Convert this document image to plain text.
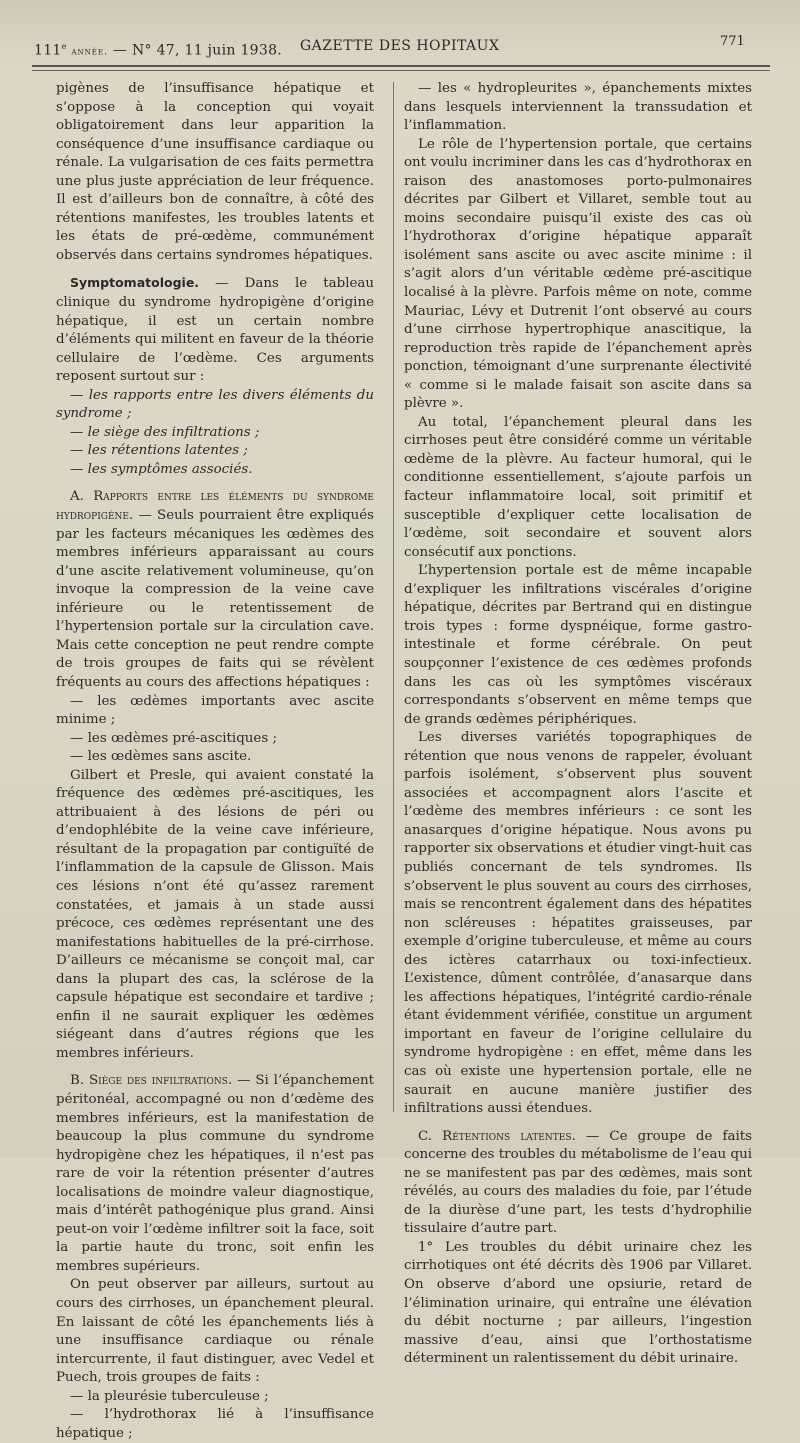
111e année. — N° 47, 11 juin 1938. GAZETTE DES HOPITAUX	771

pigènes de l’insuffisance hépatique et s’oppose à la conception qui voyait obligatoirement dans leur apparition la conséquence d’une insuffisance cardiaque ou rénale. La vulgarisation de ces faits permettra une plus juste appréciation de leur fréquence. Il est d’ailleurs bon de connaître, à côté des rétentions manifestes, les troubles latents et les états de pré-œdème, communément observés dans certains syndromes hépatiques.

Symptomatologie. — Dans le tableau clinique du syndrome hydropigène d’origine hépatique, il est un certain nombre d’éléments qui militent en faveur de la théorie cellulaire de l’œdème. Ces arguments reposent surtout sur :

— les rapports entre les divers éléments du syndrome ;

— le siège des infiltrations ;

— les rétentions latentes ;

— les symptômes associés.

A. Rapports entre les éléments du syndrome hydropigène. — Seuls pourraient être expliqués par les facteurs mécaniques les œdèmes des membres inférieurs apparaissant au cours d’une ascite relativement volumineuse, qu’on invoque la compression de la veine cave inférieure ou le retentissement de l’hypertension portale sur la circulation cave. Mais cette conception ne peut rendre compte de trois groupes de faits qui se révèlent fréquents au cours des affections hépatiques :

— les œdèmes importants avec ascite minime ;

— les œdèmes pré-ascitiques ;

— les œdèmes sans ascite.

Gilbert et Presle, qui avaient constaté la fréquence des œdèmes pré-ascitiques, les attribuaient à des lésions de péri ou d’endophlébite de la veine cave inférieure, résultant de la propagation par contiguïté de l’inflammation de la capsule de Glisson. Mais ces lésions n’ont été qu’assez rarement constatées, et jamais à un stade aussi précoce, ces œdèmes représentant une des manifestations habituelles de la pré-cirrhose. D’ailleurs ce mécanisme se conçoit mal, car dans la plupart des cas, la sclérose de la capsule hépatique est secondaire et tardive ; enfin il ne saurait expliquer les œdèmes siégeant dans d’autres régions que les membres inférieurs.

B. Siège des infiltrations. — Si l’épanchement péritonéal, accompagné ou non d’œdème des membres inférieurs, est la manifestation de beaucoup la plus commune du syndrome hydropigène chez les hépatiques, il n’est pas rare de voir la rétention présenter d’autres localisations de moindre valeur diagnostique, mais d’intérêt pathogénique plus grand. Ainsi peut-on voir l’œdème infiltrer soit la face, soit la partie haute du tronc, soit enfin les membres supérieurs.

On peut observer par ailleurs, surtout au cours des cirrhoses, un épanchement pleural. En laissant de côté les épanchements liés à une insuffisance cardiaque ou rénale intercurrente, il faut distinguer, avec Vedel et Puech, trois groupes de faits :

— la pleurésie tuberculeuse ;

— l’hydrothorax lié à l’insuffisance hépatique ;

— les « hydropleurites », épanchements mixtes dans lesquels interviennent la transsudation et l’inflammation.

Le rôle de l’hypertension portale, que certains ont voulu incriminer dans les cas d’hydrothorax en raison des anastomoses porto-pulmonaires décrites par Gilbert et Villaret, semble tout au moins secondaire puisqu’il existe des cas où l’hydrothorax d’origine hépatique apparaît isolément sans ascite ou avec ascite minime : il s’agit alors d’un véritable œdème pré-ascitique localisé à la plèvre. Parfois même on note, comme Mauriac, Lévy et Dutrenit l’ont observé au cours d’une cirrhose hypertrophique anascitique, la reproduction très rapide de l’épanchement après ponction, témoignant d’une surprenante électivité « comme si le malade faisait son ascite dans sa plèvre ».

Au total, l’épanchement pleural dans les cirrhoses peut être considéré comme un véritable œdème de la plèvre. Au facteur humoral, qui le conditionne essentiellement, s’ajoute parfois un facteur inflammatoire local, soit primitif et susceptible d’expliquer cette localisation de l’œdème, soit secondaire et souvent alors consécutif aux ponctions.

L’hypertension portale est de même incapable d’expliquer les infiltrations viscérales d’origine hépatique, décrites par Bertrand qui en distingue trois types : forme dyspnéique, forme gastro-intestinale et forme cérébrale. On peut soupçonner l’existence de ces œdèmes profonds dans les cas où les symptômes viscéraux correspondants s’observent en même temps que de grands œdèmes périphériques.

Les diverses variétés topographiques de rétention que nous venons de rappeler, évoluant parfois isolément, s’observent plus souvent associées et accompagnent alors l’ascite et l’œdème des membres inférieurs : ce sont les anasarques d’origine hépatique. Nous avons pu rapporter six observations et étudier vingt-huit cas publiés concernant de tels syndromes. Ils s’observent le plus souvent au cours des cirrhoses, mais se rencontrent également dans des hépatites non scléreuses : hépatites graisseuses, par exemple d’origine tuberculeuse, et même au cours des ictères catarrhaux ou toxi-infectieux. L’existence, dûment contrôlée, d’anasarque dans les affections hépatiques, l’intégrité cardio-rénale étant évidemment vérifiée, constitue un argument important en faveur de l’origine cellulaire du syndrome hydropigène : en effet, même dans les cas où existe une hypertension portale, elle ne saurait en aucune manière justifier des infiltrations aussi étendues.

C. Rétentions latentes. — Ce groupe de faits concerne des troubles du métabolisme de l’eau qui ne se manifestent pas par des œdèmes, mais sont révélés, au cours des maladies du foie, par l’étude de la diurèse d’une part, les tests d’hydrophilie tissulaire d’autre part.

1° Les troubles du débit urinaire chez les cirrhotiques ont été décrits dès 1906 par Villaret. On observe d’abord une opsiurie, retard de l’élimination urinaire, qui entraîne une élévation du débit nocturne ; par ailleurs, l’ingestion massive d’eau, ainsi que l’orthostatisme déterminent un ralentissement du débit urinaire.
